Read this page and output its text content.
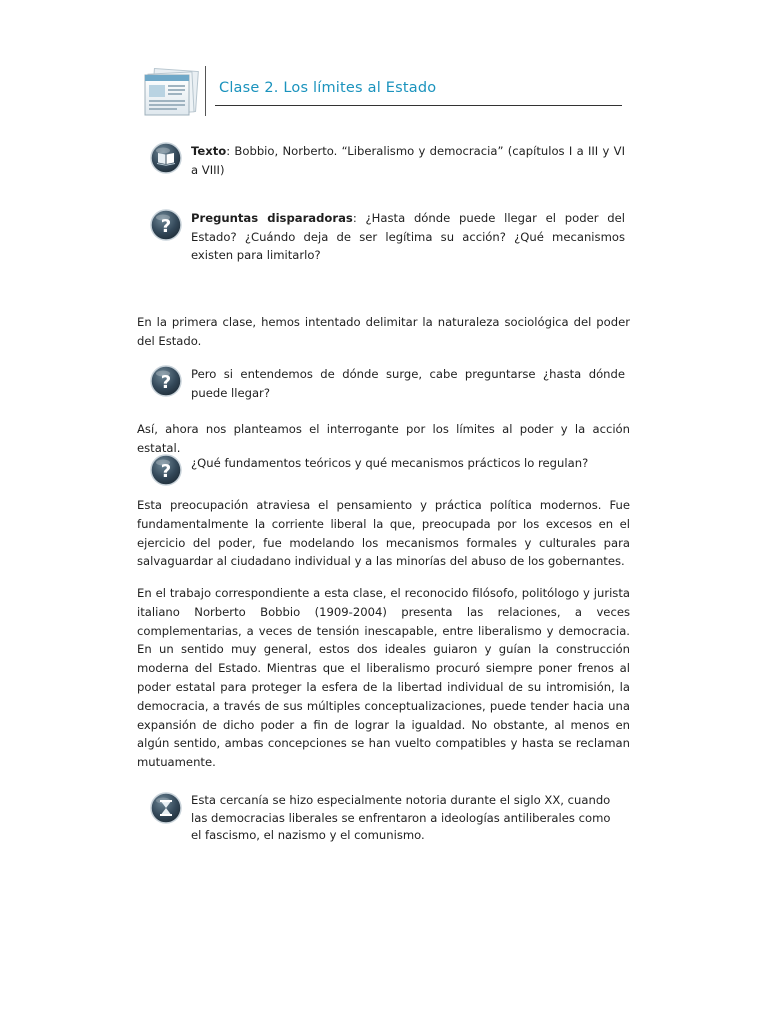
Clase 2. Los límites al Estado
Texto: Bobbio, Norberto. “Liberalismo y democracia” (capítulos I a III y VI a VIII)
? Preguntas disparadoras: ¿Hasta dónde puede llegar el poder del Estado? ¿Cuándo deja de ser legítima su acción? ¿Qué mecanismos existen para limitarlo?

En la primera clase, hemos intentado delimitar la naturaleza sociológica del poder del Estado.

? Pero si entendemos de dónde surge, cabe preguntarse ¿hasta dónde puede llegar?

Así, ahora nos planteamos el interrogante por los límites al poder y la acción estatal.

? ¿Qué fundamentos teóricos y qué mecanismos prácticos lo regulan?

Esta preocupación atraviesa el pensamiento y práctica política modernos. Fue fundamentalmente la corriente liberal la que, preocupada por los excesos en el ejercicio del poder, fue modelando los mecanismos formales y culturales para salvaguardar al ciudadano individual y a las minorías del abuso de los gobernantes.

En el trabajo correspondiente a esta clase, el reconocido filósofo, politólogo y jurista italiano Norberto Bobbio (1909-2004) presenta las relaciones, a veces complementarias, a veces de tensión inescapable, entre liberalismo y democracia. En un sentido muy general, estos dos ideales guiaron y guían la construcción moderna del Estado. Mientras que el liberalismo procuró siempre poner frenos al poder estatal para proteger la esfera de la libertad individual de su intromisión, la democracia, a través de sus múltiples conceptualizaciones, puede tender hacia una expansión de dicho poder a fin de lograr la igualdad. No obstante, al menos en algún sentido, ambas concepciones se han vuelto compatibles y hasta se reclaman mutuamente.

Esta cercanía se hizo especialmente notoria durante el siglo XX, cuando las democracias liberales se enfrentaron a ideologías antiliberales como el fascismo, el nazismo y el comunismo.
